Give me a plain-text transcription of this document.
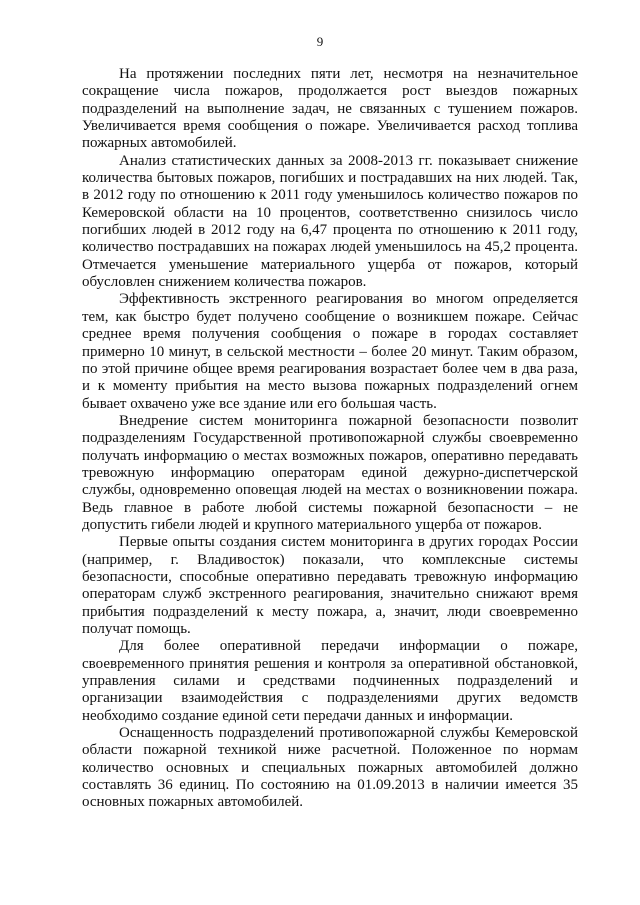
9

На протяжении последних пяти лет, несмотря на незначительное сокращение числа пожаров, продолжается рост выездов пожарных подразделений на выполнение задач, не связанных с тушением пожаров. Увеличивается время сообщения о пожаре. Увеличивается расход топлива пожарных автомобилей.

Анализ статистических данных за 2008-2013 гг. показывает снижение количества бытовых пожаров, погибших и пострадавших на них людей. Так, в 2012 году по отношению к 2011 году уменьшилось количество пожаров по Кемеровской области на 10 процентов, соответственно снизилось число погибших людей в 2012 году на 6,47 процента по отношению к 2011 году, количество пострадавших на пожарах людей уменьшилось на 45,2 процента. Отмечается уменьшение материального ущерба от пожаров, который обусловлен снижением количества пожаров.

Эффективность экстренного реагирования во многом определяется тем, как быстро будет получено сообщение о возникшем пожаре. Сейчас среднее время получения сообщения о пожаре в городах составляет примерно 10 минут, в сельской местности – более 20 минут. Таким образом, по этой причине общее время реагирования возрастает более чем в два раза, и к моменту прибытия на место вызова пожарных подразделений огнем бывает охвачено уже все здание или его большая часть.

Внедрение систем мониторинга пожарной безопасности позволит подразделениям Государственной противопожарной службы своевременно получать информацию о местах возможных пожаров, оперативно передавать тревожную информацию операторам единой дежурно-диспетчерской службы, одновременно оповещая людей на местах о возникновении пожара. Ведь главное в работе любой системы пожарной безопасности – не допустить гибели людей и крупного материального ущерба от пожаров.

Первые опыты создания систем мониторинга в других городах России (например, г. Владивосток) показали, что комплексные системы безопасности, способные оперативно передавать тревожную информацию операторам служб экстренного реагирования, значительно снижают время прибытия подразделений к месту пожара, а, значит, люди своевременно получат помощь.

Для более оперативной передачи информации о пожаре, своевременного принятия решения и контроля за оперативной обстановкой, управления силами и средствами подчиненных подразделений и организации взаимодействия с подразделениями других ведомств необходимо создание единой сети передачи данных и информации.

Оснащенность подразделений противопожарной службы Кемеровской области пожарной техникой ниже расчетной. Положенное по нормам количество основных и специальных пожарных автомобилей должно составлять 36 единиц. По состоянию на 01.09.2013 в наличии имеется 35 основных пожарных автомобилей.
